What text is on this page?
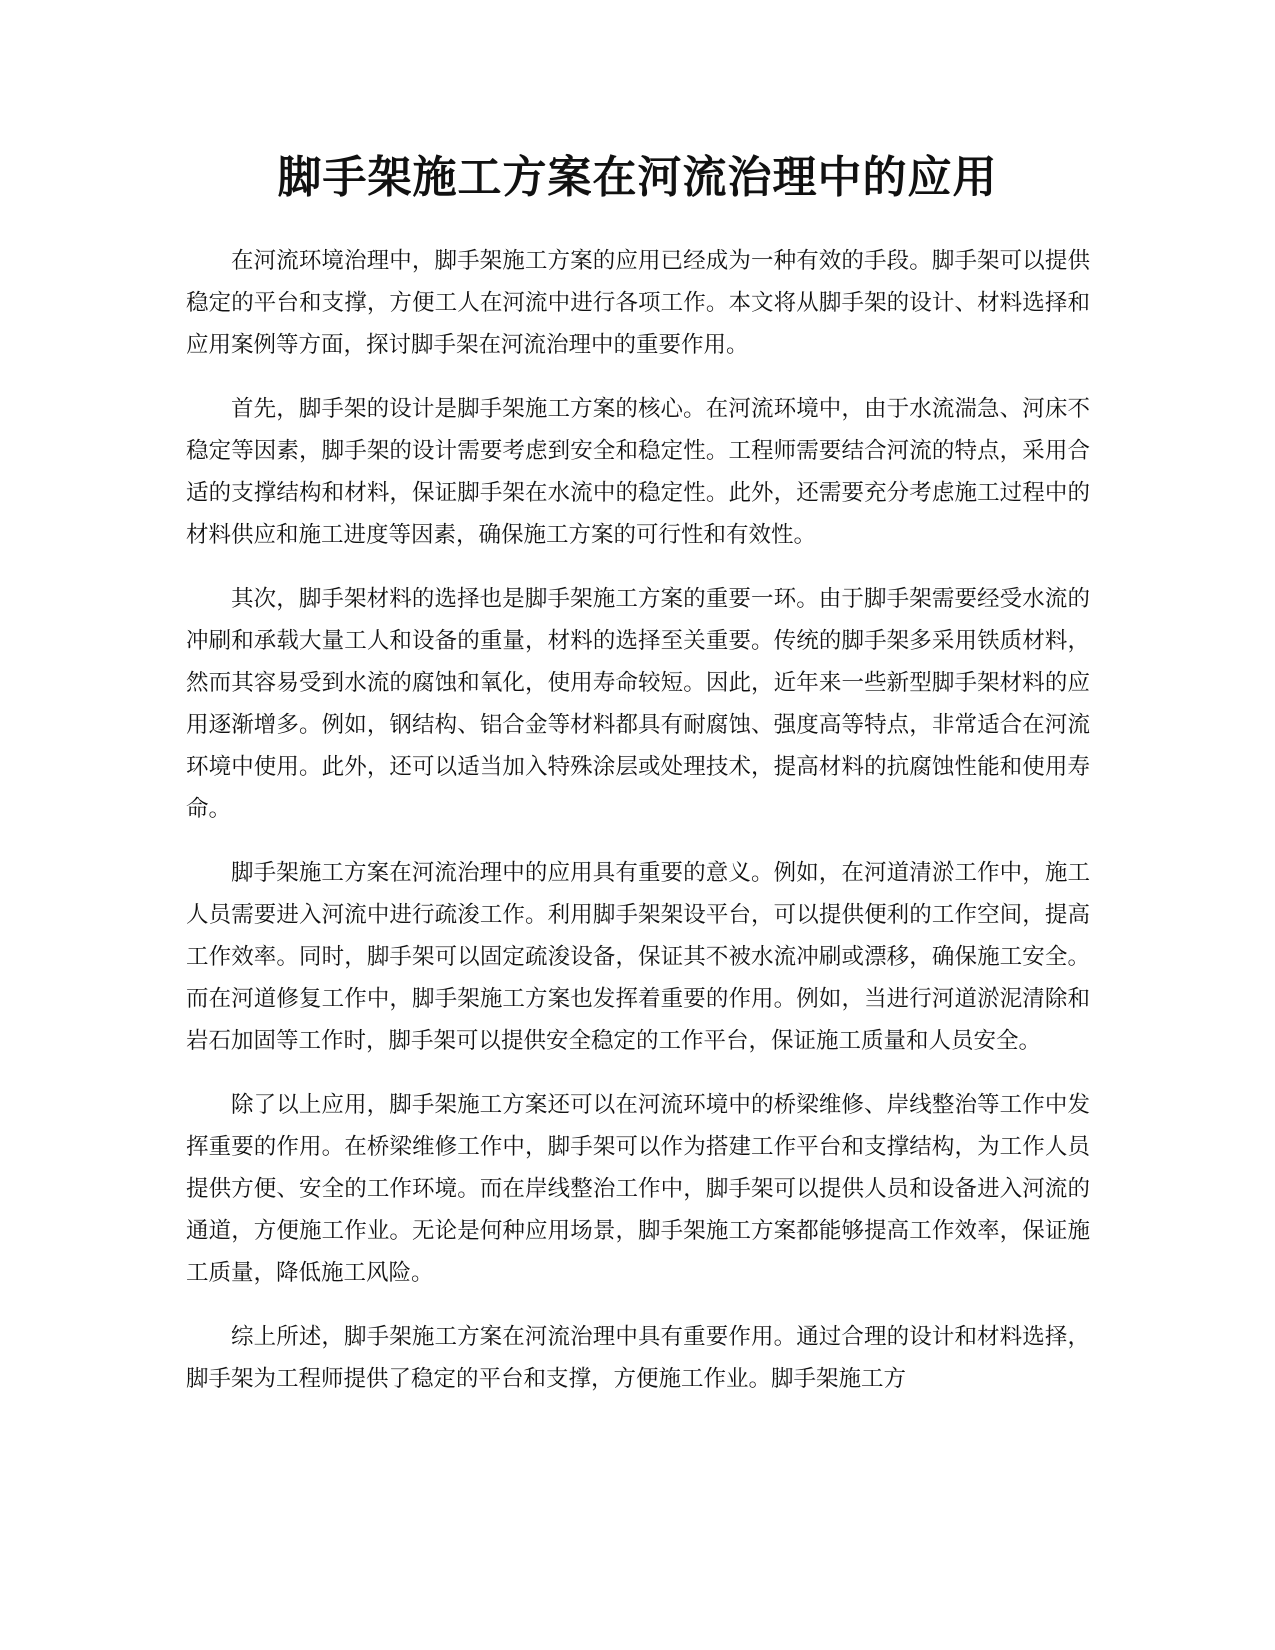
脚手架施工方案在河流治理中的应用

在河流环境治理中，脚手架施工方案的应用已经成为一种有效的手段。脚手架可以提供稳定的平台和支撑，方便工人在河流中进行各项工作。本文将从脚手架的设计、材料选择和应用案例等方面，探讨脚手架在河流治理中的重要作用。

首先，脚手架的设计是脚手架施工方案的核心。在河流环境中，由于水流湍急、河床不稳定等因素，脚手架的设计需要考虑到安全和稳定性。工程师需要结合河流的特点，采用合适的支撑结构和材料，保证脚手架在水流中的稳定性。此外，还需要充分考虑施工过程中的材料供应和施工进度等因素，确保施工方案的可行性和有效性。

其次，脚手架材料的选择也是脚手架施工方案的重要一环。由于脚手架需要经受水流的冲刷和承载大量工人和设备的重量，材料的选择至关重要。传统的脚手架多采用铁质材料，然而其容易受到水流的腐蚀和氧化，使用寿命较短。因此，近年来一些新型脚手架材料的应用逐渐增多。例如，钢结构、铝合金等材料都具有耐腐蚀、强度高等特点，非常适合在河流环境中使用。此外，还可以适当加入特殊涂层或处理技术，提高材料的抗腐蚀性能和使用寿命。

脚手架施工方案在河流治理中的应用具有重要的意义。例如，在河道清淤工作中，施工人员需要进入河流中进行疏浚工作。利用脚手架架设平台，可以提供便利的工作空间，提高工作效率。同时，脚手架可以固定疏浚设备，保证其不被水流冲刷或漂移，确保施工安全。而在河道修复工作中，脚手架施工方案也发挥着重要的作用。例如，当进行河道淤泥清除和岩石加固等工作时，脚手架可以提供安全稳定的工作平台，保证施工质量和人员安全。

除了以上应用，脚手架施工方案还可以在河流环境中的桥梁维修、岸线整治等工作中发挥重要的作用。在桥梁维修工作中，脚手架可以作为搭建工作平台和支撑结构，为工作人员提供方便、安全的工作环境。而在岸线整治工作中，脚手架可以提供人员和设备进入河流的通道，方便施工作业。无论是何种应用场景，脚手架施工方案都能够提高工作效率，保证施工质量，降低施工风险。

综上所述，脚手架施工方案在河流治理中具有重要作用。通过合理的设计和材料选择，脚手架为工程师提供了稳定的平台和支撑，方便施工作业。脚手架施工方
